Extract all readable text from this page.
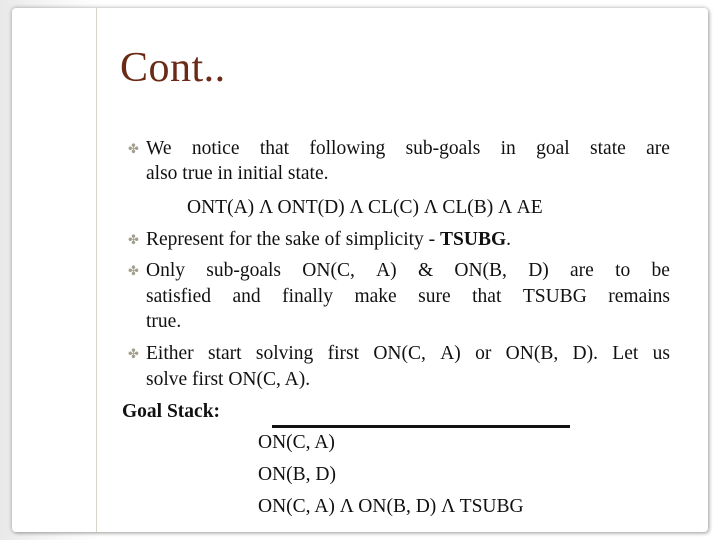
Cont..
✤ We notice that following sub-goals in goal state are
also true in initial state.
ONT(A) Λ ONT(D) Λ CL(C) Λ CL(B) Λ AE
✤ Represent for the sake of simplicity - TSUBG.
✤ Only sub-goals ON(C, A) & ON(B, D) are to be
satisfied and finally make sure that TSUBG remains
true.
✤ Either start solving first ON(C, A) or ON(B, D). Let us
solve first ON(C, A).
Goal Stack:
ON(C, A)
ON(B, D)
ON(C, A) Λ ON(B, D) Λ TSUBG
